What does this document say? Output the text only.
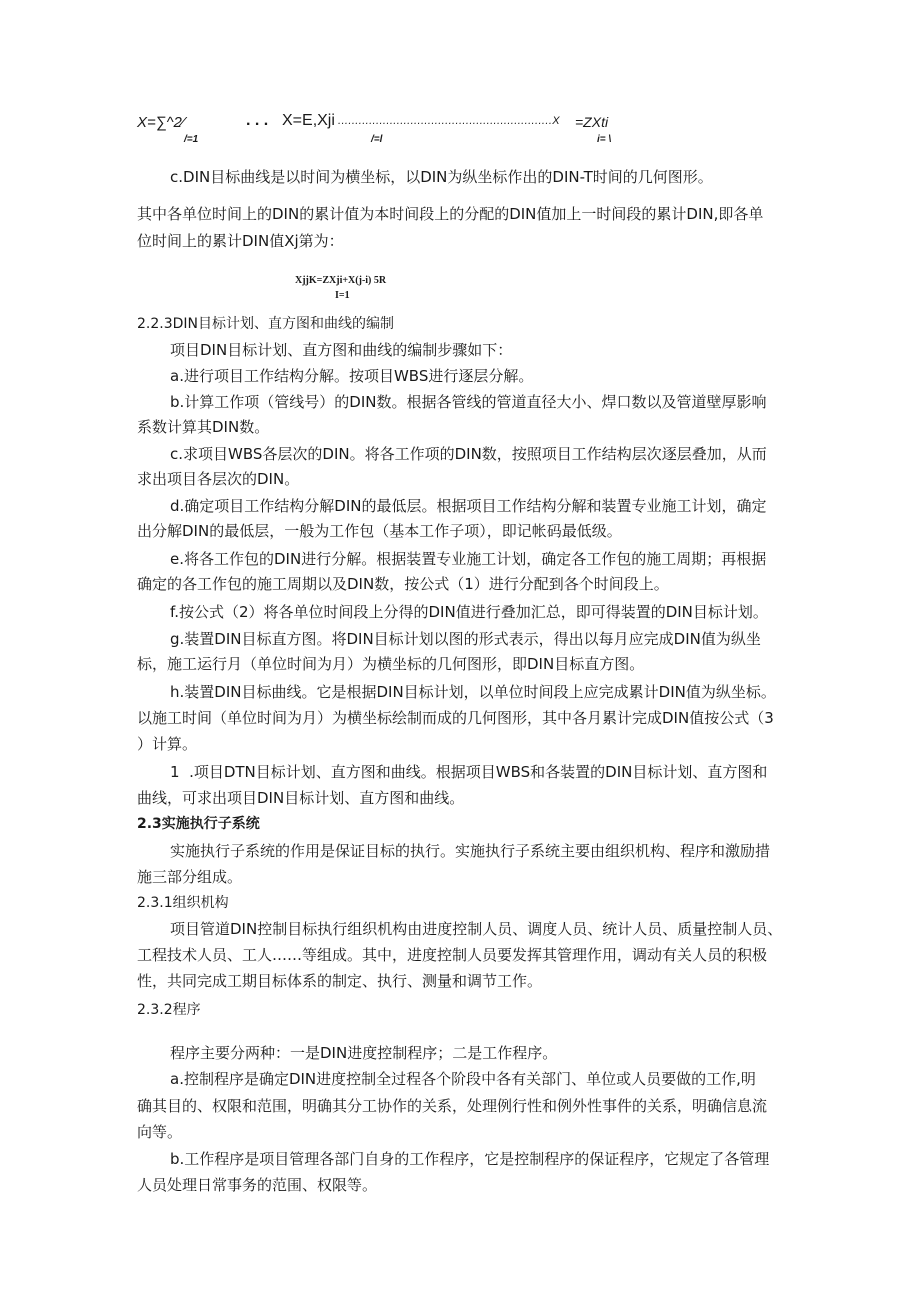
X=∑^2⁄
/=1
. . . X=E,Xji ..............................................................X
/=l
=ZXti
i= \
c.DIN目标曲线是以时间为横坐标，以DIN为纵坐标作出的DIN-T时间的几何图形。
其中各单位时间上的DIN的累计值为本时间段上的分配的DIN值加上一时间段的累计DIN,即各单
位时间上的累计DIN值Xj第为：
XjjK=ZXji+X(j-i) 5R
I=1
2.2.3DIN目标计划、直方图和曲线的编制
项目DIN目标计划、直方图和曲线的编制步骤如下：
a.进行项目工作结构分解。按项目WBS进行逐层分解。
b.计算工作项（管线号）的DIN数。根据各管线的管道直径大小、焊口数以及管道壁厚影响
系数计算其DIN数。
c.求项目WBS各层次的DIN。将各工作项的DIN数，按照项目工作结构层次逐层叠加，从而
求出项目各层次的DIN。
d.确定项目工作结构分解DIN的最低层。根据项目工作结构分解和装置专业施工计划，确定
出分解DIN的最低层，一般为工作包（基本工作子项），即记帐码最低级。
e.将各工作包的DIN进行分解。根据装置专业施工计划，确定各工作包的施工周期；再根据
确定的各工作包的施工周期以及DIN数，按公式（1）进行分配到各个时间段上。
f.按公式（2）将各单位时间段上分得的DIN值进行叠加汇总，即可得装置的DIN目标计划。
g.装置DIN目标直方图。将DIN目标计划以图的形式表示，得出以每月应完成DIN值为纵坐
标，施工运行月（单位时间为月）为横坐标的几何图形，即DIN目标直方图。
h.装置DIN目标曲线。它是根据DIN目标计划，以单位时间段上应完成累计DIN值为纵坐标。
以施工时间（单位时间为月）为横坐标绘制而成的几何图形，其中各月累计完成DIN值按公式（3
）计算。
1  .项目DTN目标计划、直方图和曲线。根据项目WBS和各装置的DIN目标计划、直方图和
曲线，可求出项目DIN目标计划、直方图和曲线。
2.3实施执行子系统
实施执行子系统的作用是保证目标的执行。实施执行子系统主要由组织机构、程序和激励措
施三部分组成。
2.3.1组织机构
项目管道DIN控制目标执行组织机构由进度控制人员、调度人员、统计人员、质量控制人员、
工程技术人员、工人……等组成。其中，进度控制人员要发挥其管理作用，调动有关人员的积极
性，共同完成工期目标体系的制定、执行、测量和调节工作。
2.3.2程序
程序主要分两种：一是DIN进度控制程序；二是工作程序。
a.控制程序是确定DIN进度控制全过程各个阶段中各有关部门、单位或人员要做的工作,明
确其目的、权限和范围，明确其分工协作的关系，处理例行性和例外性事件的关系，明确信息流
向等。
b.工作程序是项目管理各部门自身的工作程序，它是控制程序的保证程序，它规定了各管理
人员处理日常事务的范围、权限等。
